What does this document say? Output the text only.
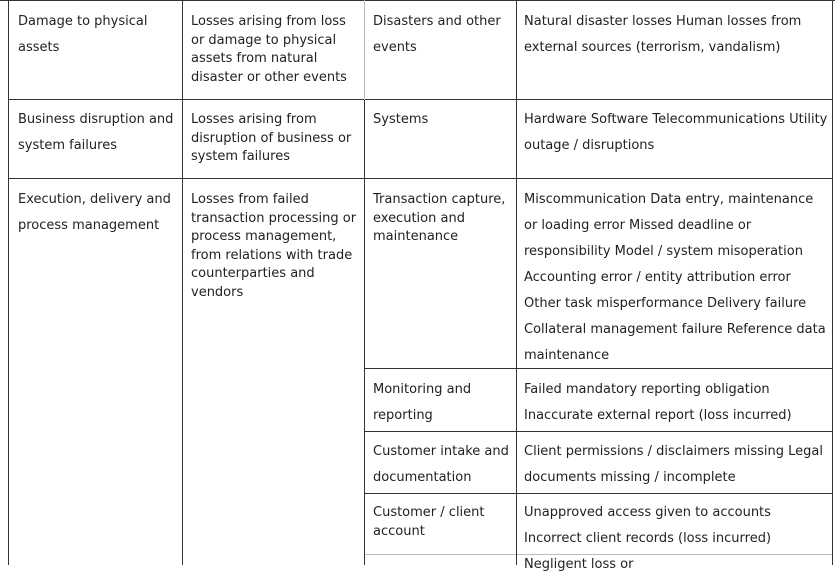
Damage to physical assets

Losses arising from loss or damage to physical assets from natural disaster or other events

Disasters and other events

Natural disaster losses Human losses from external sources (terrorism, vandalism)

Business disruption and system failures

Losses arising from disruption of business or system failures

Systems	Hardware Software Telecommunications Utility outage / disruptions

Execution, delivery and process management

Losses from failed transaction processing or process management, from relations with trade counterparties and vendors

Transaction capture, execution and maintenance

Miscommunication Data entry, maintenance or loading error Missed deadline or responsibility Model / system misoperation Accounting error / entity attribution error Other task misperformance Delivery failure Collateral management failure Reference data maintenance

Monitoring and reporting

Failed mandatory reporting obligation Inaccurate external report (loss incurred)

Customer intake and documentation

Client permissions / disclaimers missing Legal documents missing / incomplete

Customer / client account

Unapproved access given to accounts Incorrect client records (loss incurred) Negligent loss or
